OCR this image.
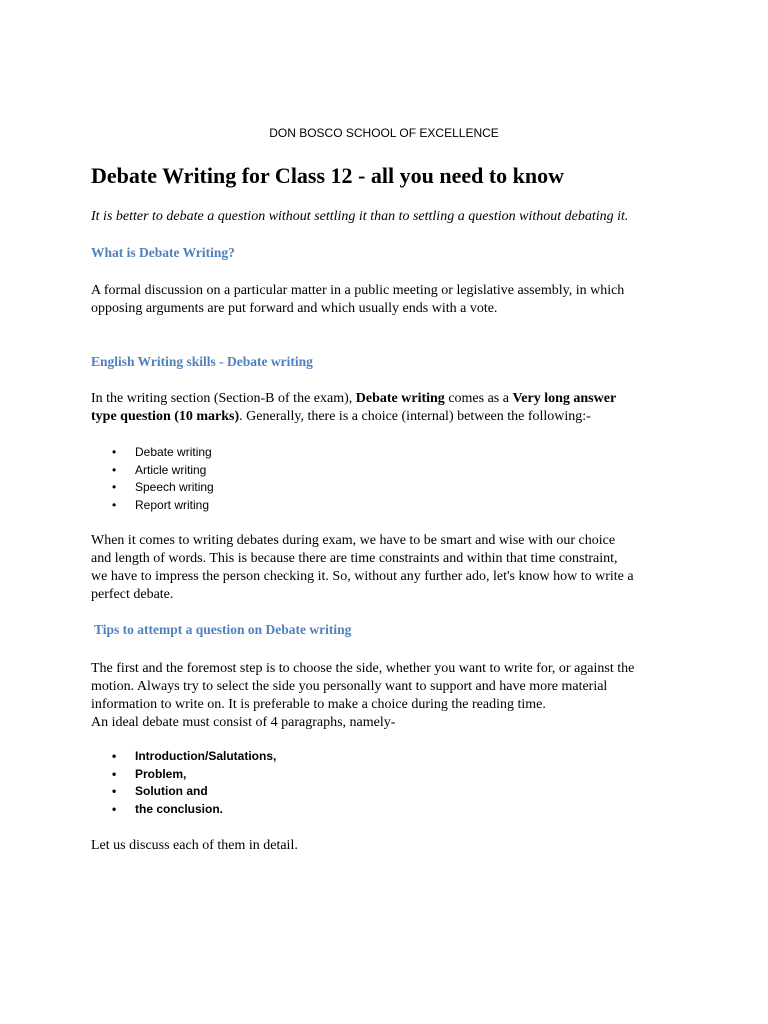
DON BOSCO SCHOOL OF EXCELLENCE
Debate Writing for Class 12 - all you need to know
It is better to debate a question without settling it than to settling a question without debating it.
What is Debate Writing?
A formal discussion on a particular matter in a public meeting or legislative assembly, in which
opposing arguments are put forward and which usually ends with a vote.
English Writing skills - Debate writing
In the writing section (Section-B of the exam), Debate writing comes as a Very long answer
type question (10 marks). Generally, there is a choice (internal) between the following:-
• Debate writing
• Article writing
• Speech writing
• Report writing
When it comes to writing debates during exam, we have to be smart and wise with our choice
and length of words. This is because there are time constraints and within that time constraint,
we have to impress the person checking it. So, without any further ado, let's know how to write a
perfect debate.
Tips to attempt a question on Debate writing
The first and the foremost step is to choose the side, whether you want to write for, or against the
motion. Always try to select the side you personally want to support and have more material
information to write on. It is preferable to make a choice during the reading time.
An ideal debate must consist of 4 paragraphs, namely-
• Introduction/Salutations,
• Problem,
• Solution and
• the conclusion.
Let us discuss each of them in detail.
